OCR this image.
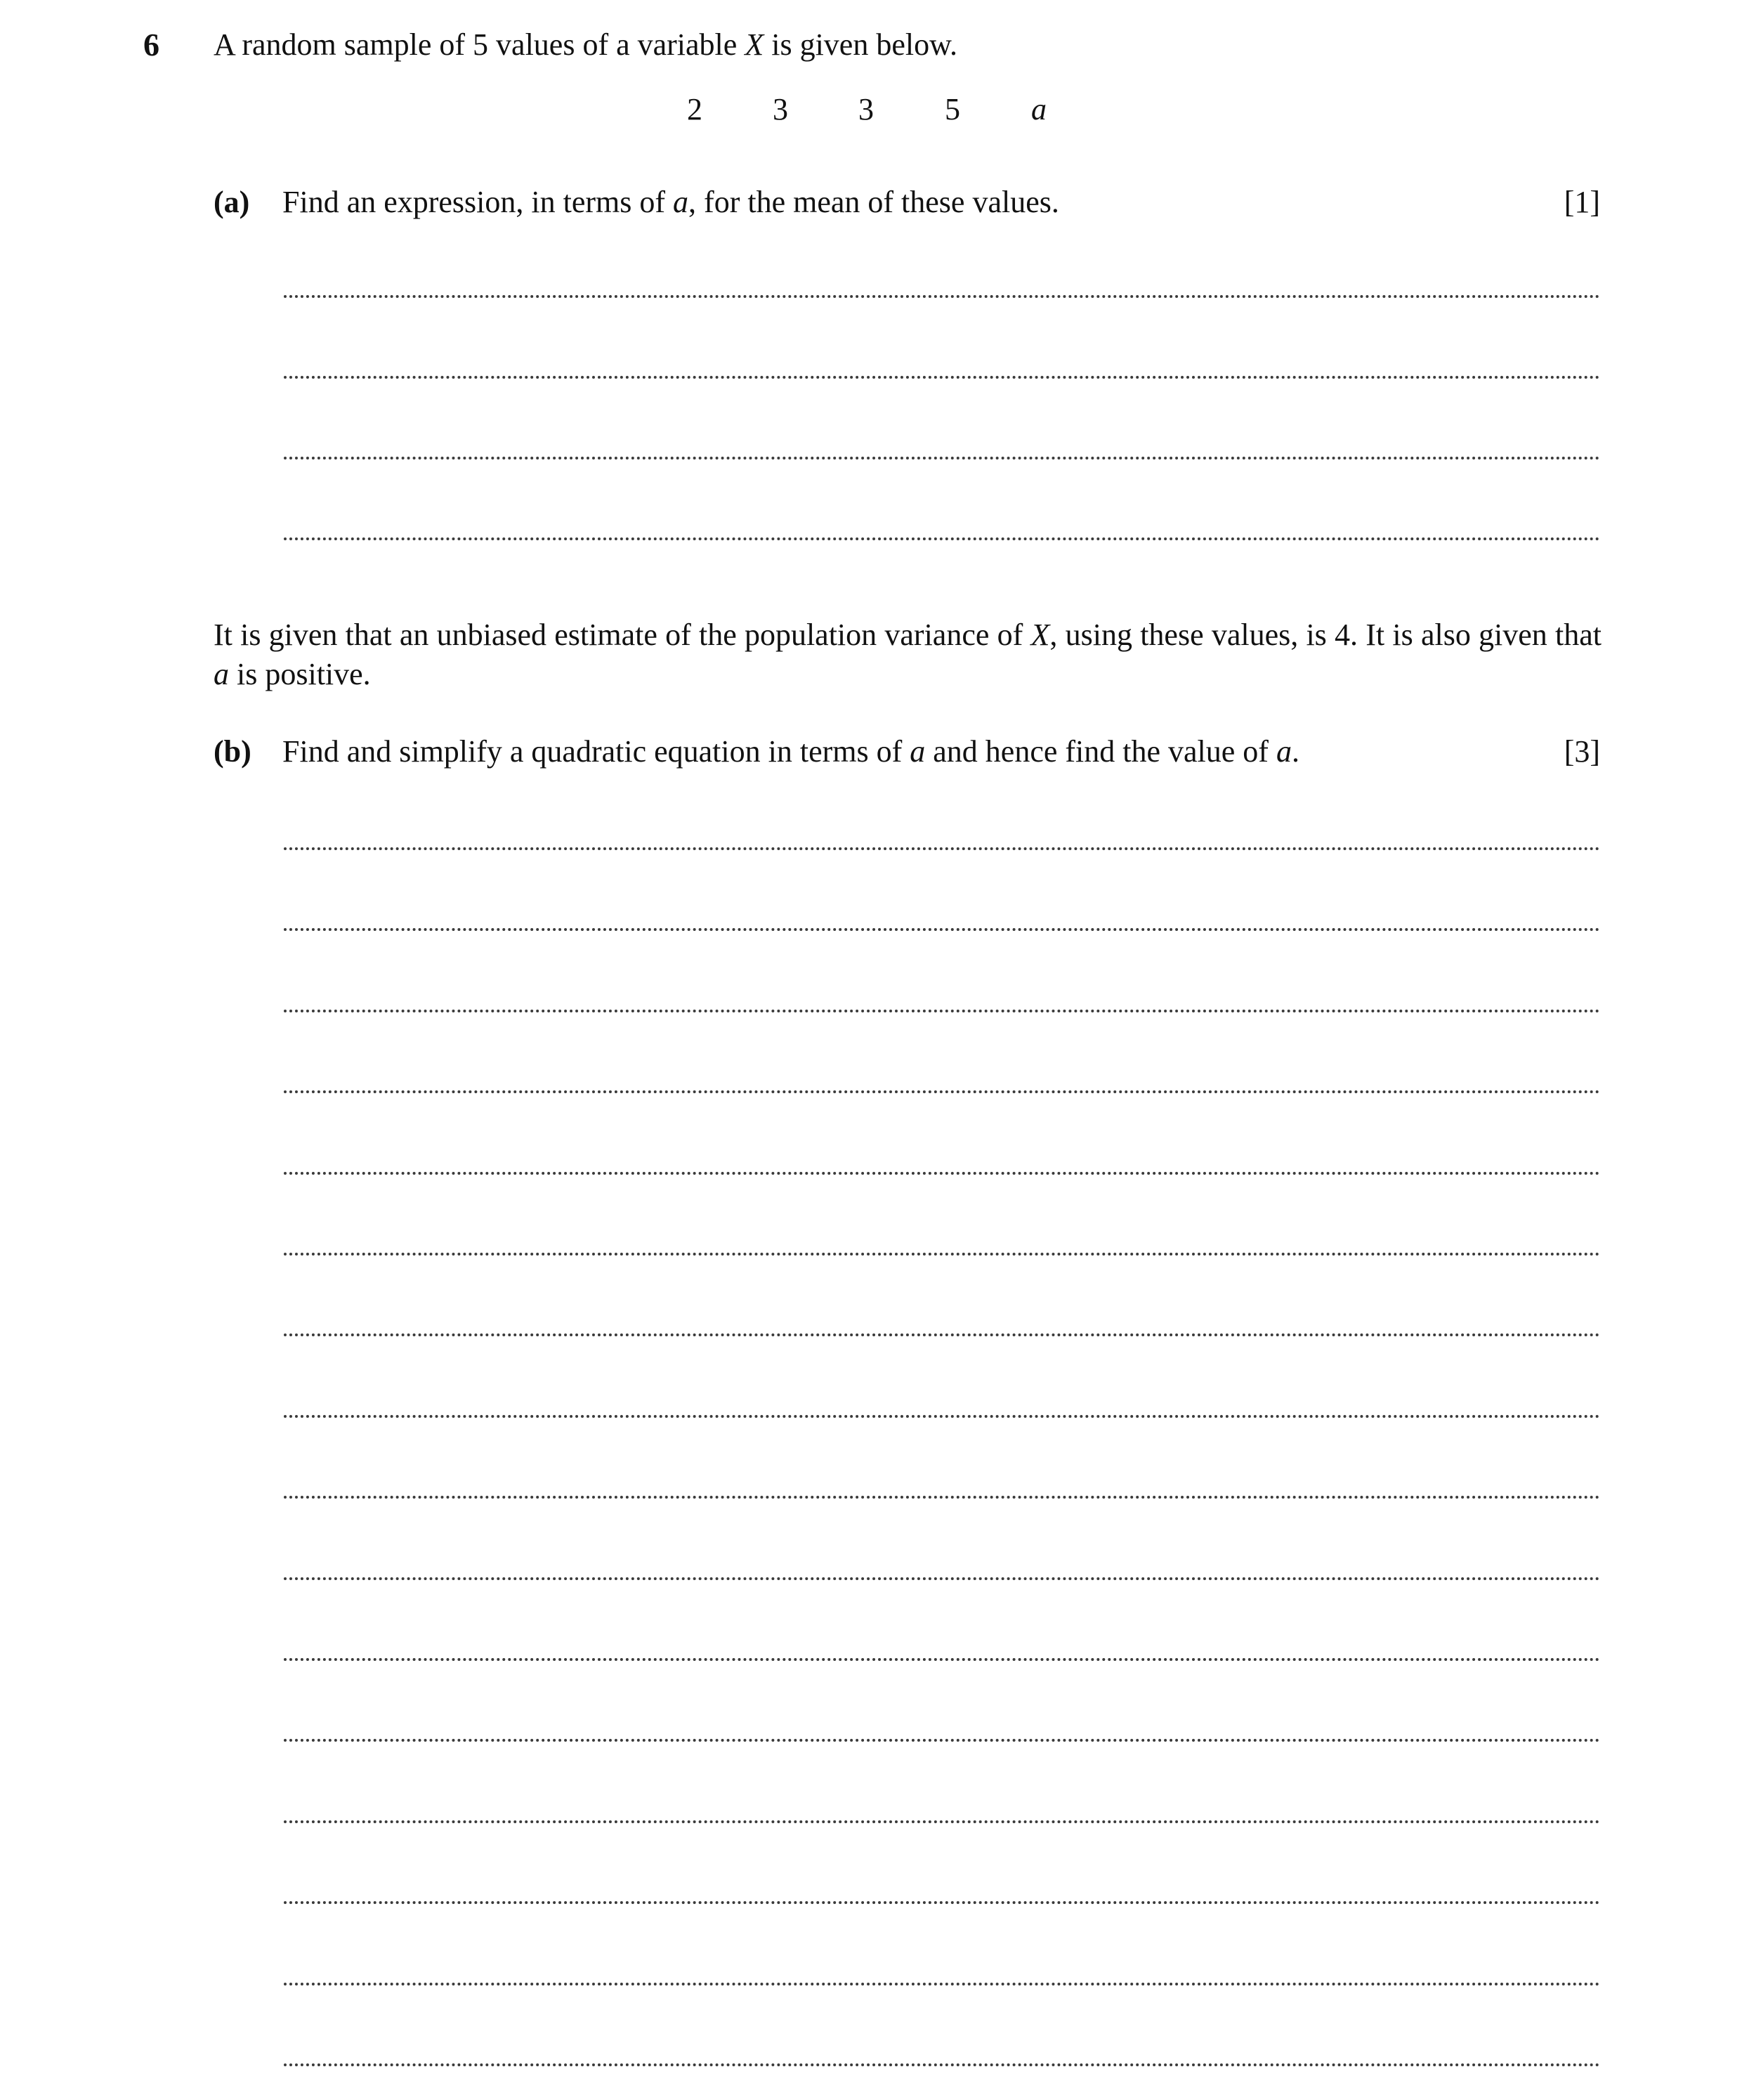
6 A random sample of 5 values of a variable X is given below.
2 3 3 5 a
(a) Find an expression, in terms of a, for the mean of these values.	[1]
It is given that an unbiased estimate of the population variance of X, using these values, is 4. It is also given that a is positive.
(b) Find and simplify a quadratic equation in terms of a and hence find the value of a.	[3]
